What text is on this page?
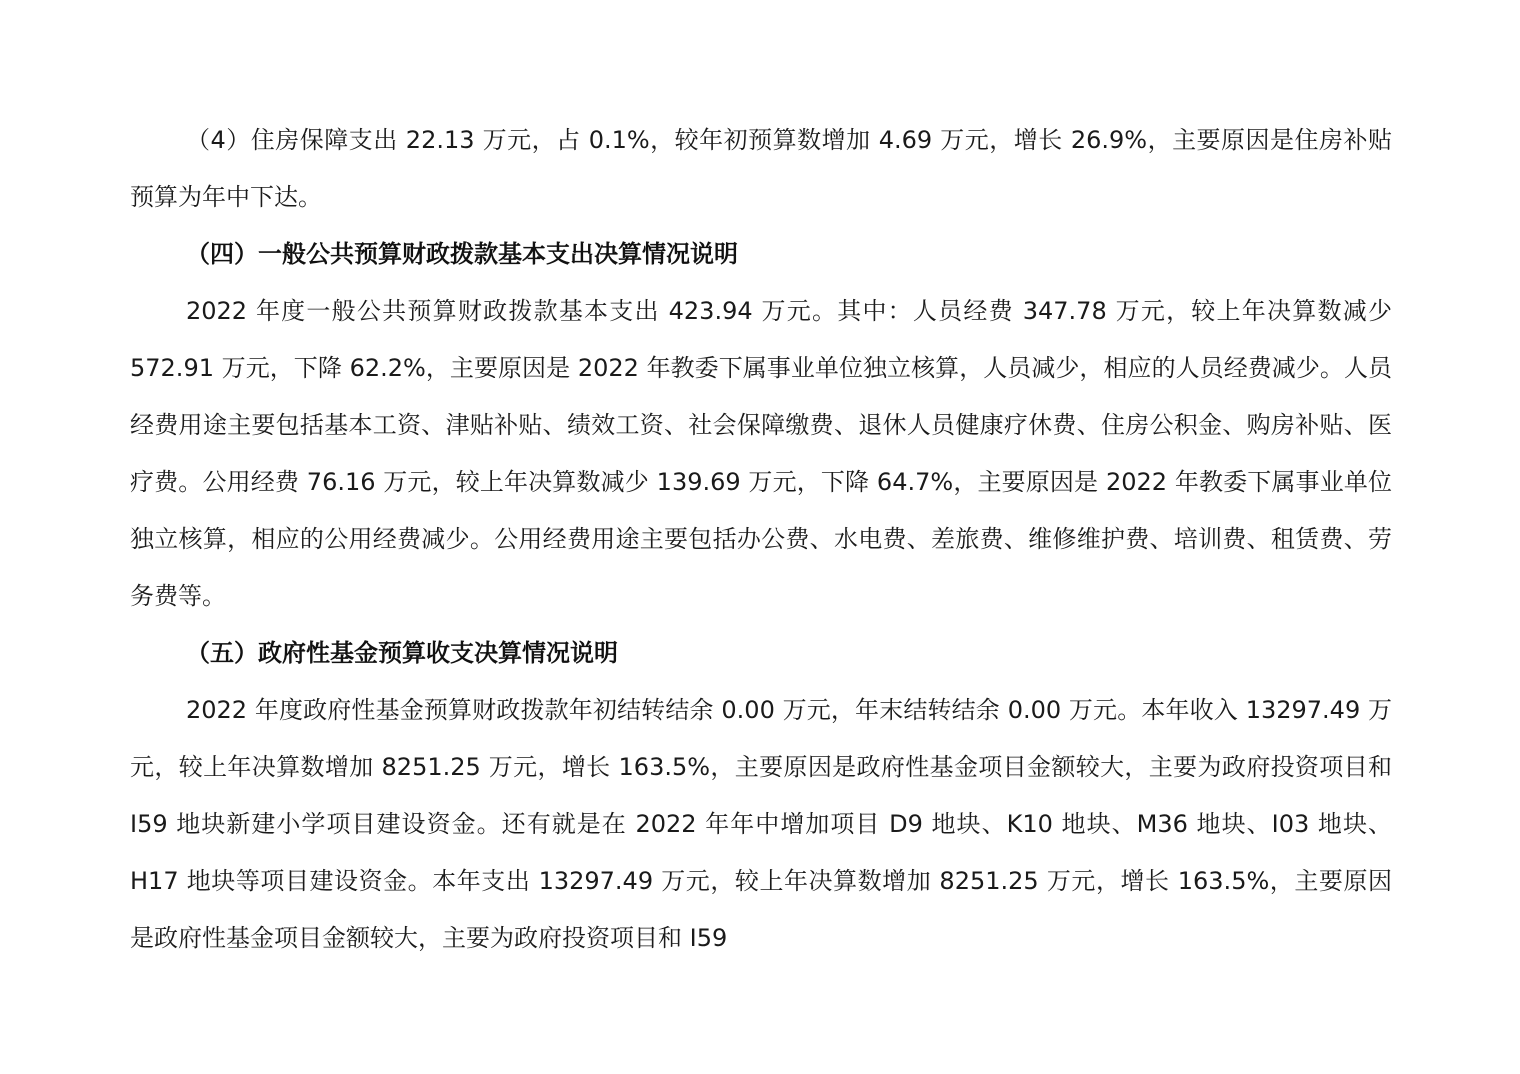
（4）住房保障支出 22.13 万元，占 0.1%，较年初预算数增加 4.69 万元，增长 26.9%，主要原因是住房补贴预算为年中下达。

（四）一般公共预算财政拨款基本支出决算情况说明

2022 年度一般公共预算财政拨款基本支出 423.94 万元。其中：人员经费 347.78 万元，较上年决算数减少 572.91 万元，下降 62.2%，主要原因是 2022 年教委下属事业单位独立核算，人员减少，相应的人员经费减少。人员经费用途主要包括基本工资、津贴补贴、绩效工资、社会保障缴费、退休人员健康疗休费、住房公积金、购房补贴、医疗费。公用经费 76.16 万元，较上年决算数减少 139.69 万元，下降 64.7%，主要原因是 2022 年教委下属事业单位独立核算，相应的公用经费减少。公用经费用途主要包括办公费、水电费、差旅费、维修维护费、培训费、租赁费、劳务费等。

（五）政府性基金预算收支决算情况说明

2022 年度政府性基金预算财政拨款年初结转结余 0.00 万元，年末结转结余 0.00 万元。本年收入 13297.49 万元，较上年决算数增加 8251.25 万元，增长 163.5%，主要原因是政府性基金项目金额较大，主要为政府投资项目和 I59 地块新建小学项目建设资金。还有就是在 2022 年年中增加项目 D9 地块、K10 地块、M36 地块、I03 地块、H17 地块等项目建设资金。本年支出 13297.49 万元，较上年决算数增加 8251.25 万元，增长 163.5%，主要原因是政府性基金项目金额较大，主要为政府投资项目和 I59
